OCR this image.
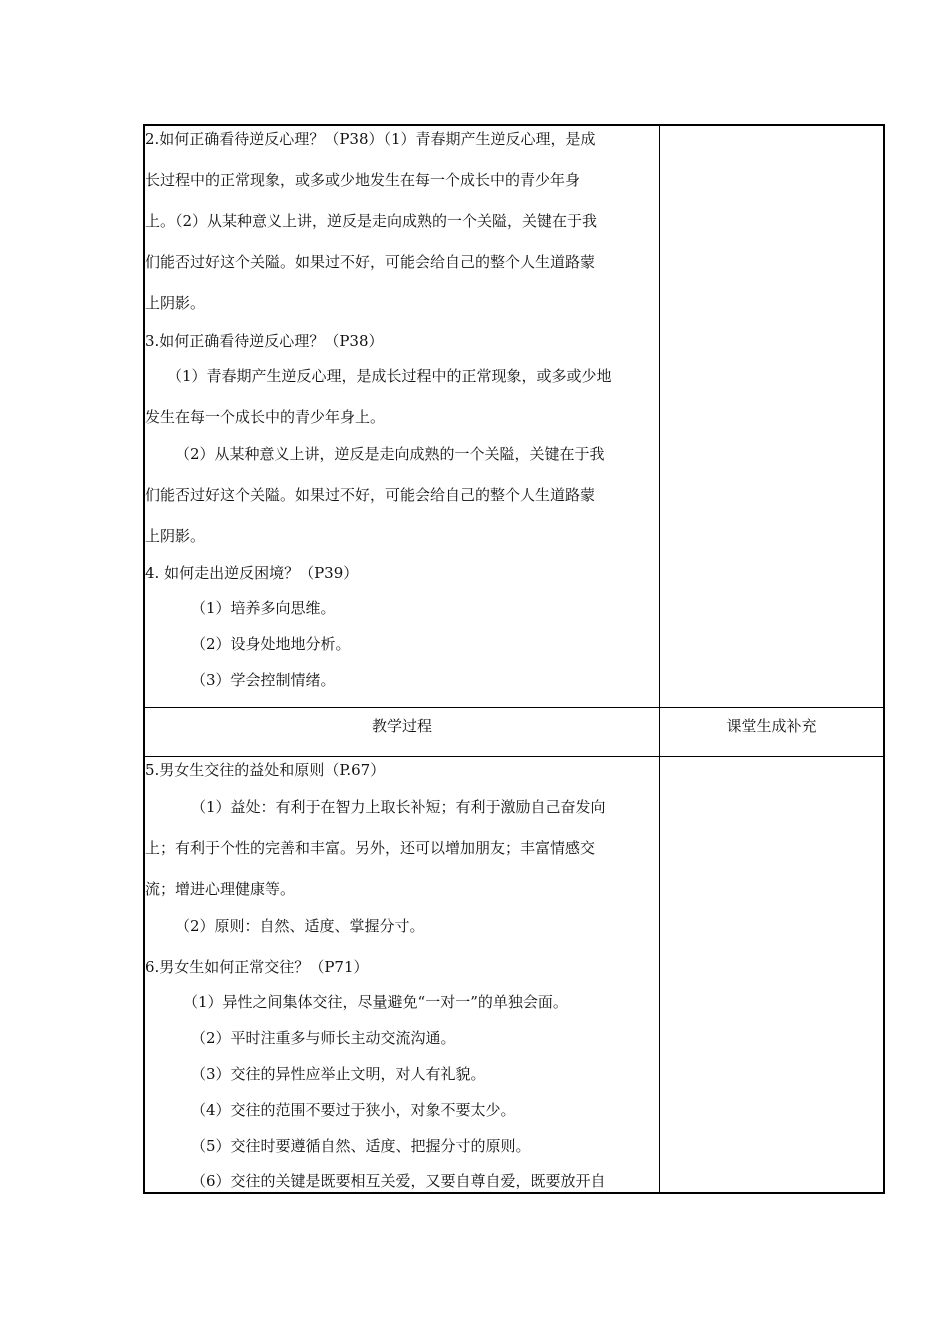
2.如何正确看待逆反心理？（P38）（1）青春期产生逆反心理，是成
长过程中的正常现象，或多或少地发生在每一个成长中的青少年身
上。（2）从某种意义上讲，逆反是走向成熟的一个关隘，关键在于我
们能否过好这个关隘。如果过不好，可能会给自己的整个人生道路蒙
上阴影。
3.如何正确看待逆反心理？（P38）
（1）青春期产生逆反心理，是成长过程中的正常现象，或多或少地
发生在每一个成长中的青少年身上。
（2）从某种意义上讲，逆反是走向成熟的一个关隘，关键在于我
们能否过好这个关隘。如果过不好，可能会给自己的整个人生道路蒙
上阴影。
4. 如何走出逆反困境？（P39）
（1）培养多向思维。
（2）设身处地地分析。
（3）学会控制情绪。
教学过程	课堂生成补充
5.男女生交往的益处和原则（P.67）
（1）益处：有利于在智力上取长补短；有利于激励自己奋发向
上；有利于个性的完善和丰富。另外，还可以增加朋友；丰富情感交
流；增进心理健康等。
（2）原则：自然、适度、掌握分寸。
6.男女生如何正常交往？（P71）
（1）异性之间集体交往，尽量避免“一对一”的单独会面。
（2）平时注重多与师长主动交流沟通。
（3）交往的异性应举止文明，对人有礼貌。
（4）交往的范围不要过于狭小，对象不要太少。
（5）交往时要遵循自然、适度、把握分寸的原则。
（6）交往的关键是既要相互关爱，又要自尊自爱，既要放开自
